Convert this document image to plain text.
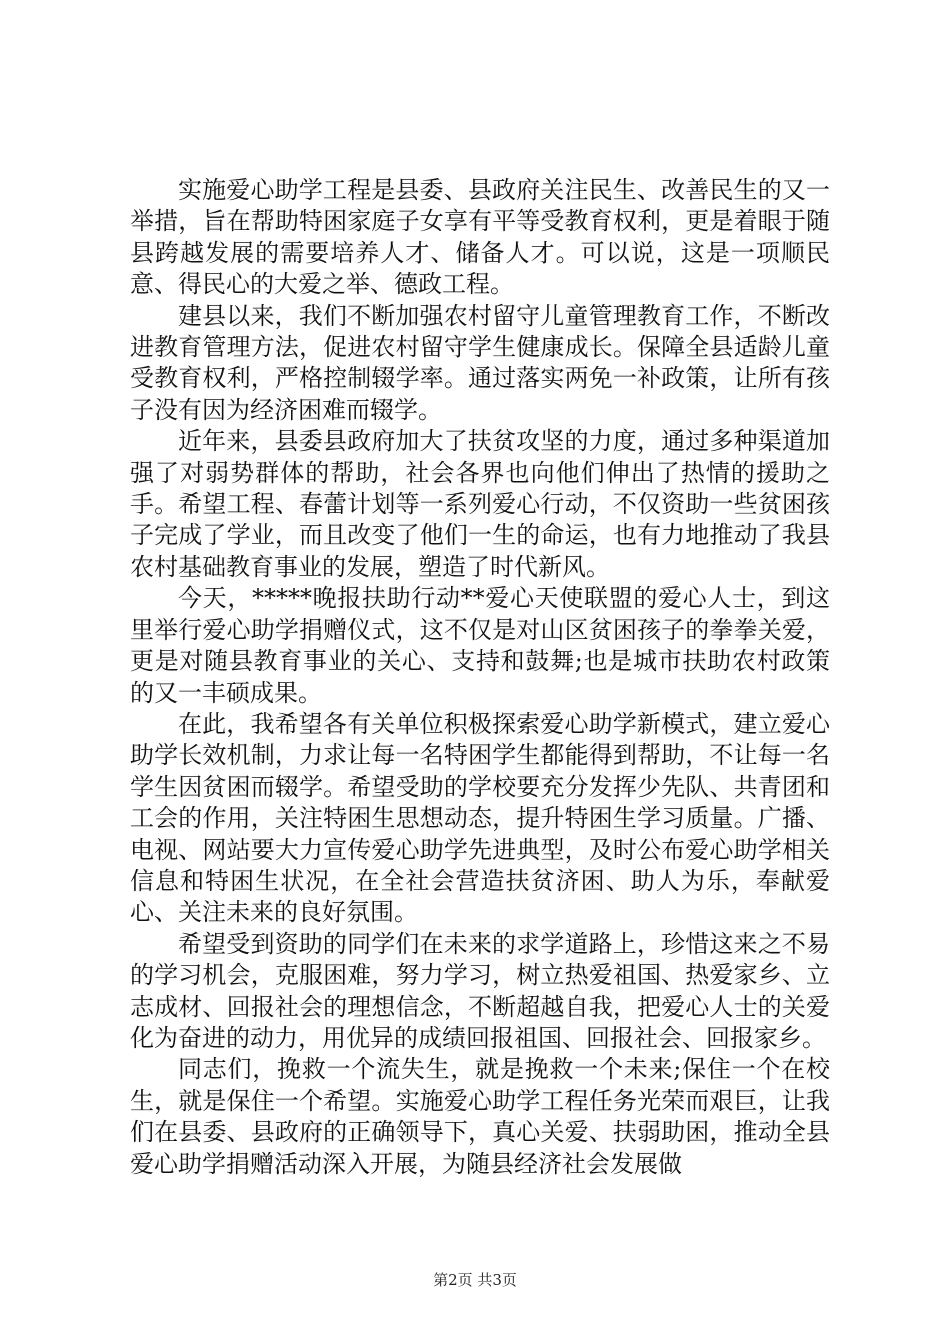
实施爱心助学工程是县委、县政府关注民生、改善民生的又一举措，旨在帮助特困家庭子女享有平等受教育权利，更是着眼于随县跨越发展的需要培养人才、储备人才。可以说，这是一项顺民意、得民心的大爱之举、德政工程。

建县以来，我们不断加强农村留守儿童管理教育工作，不断改进教育管理方法，促进农村留守学生健康成长。保障全县适龄儿童受教育权利，严格控制辍学率。通过落实两免一补政策，让所有孩子没有因为经济困难而辍学。

近年来，县委县政府加大了扶贫攻坚的力度，通过多种渠道加强了对弱势群体的帮助，社会各界也向他们伸出了热情的援助之手。希望工程、春蕾计划等一系列爱心行动，不仅资助一些贫困孩子完成了学业，而且改变了他们一生的命运，也有力地推动了我县农村基础教育事业的发展，塑造了时代新风。

今天，*****晚报扶助行动**爱心天使联盟的爱心人士，到这里举行爱心助学捐赠仪式，这不仅是对山区贫困孩子的拳拳关爱，更是对随县教育事业的关心、支持和鼓舞;也是城市扶助农村政策的又一丰硕成果。

在此，我希望各有关单位积极探索爱心助学新模式，建立爱心助学长效机制，力求让每一名特困学生都能得到帮助，不让每一名学生因贫困而辍学。希望受助的学校要充分发挥少先队、共青团和工会的作用，关注特困生思想动态，提升特困生学习质量。广播、电视、网站要大力宣传爱心助学先进典型，及时公布爱心助学相关信息和特困生状况，在全社会营造扶贫济困、助人为乐，奉献爱心、关注未来的良好氛围。

希望受到资助的同学们在未来的求学道路上，珍惜这来之不易的学习机会，克服困难，努力学习，树立热爱祖国、热爱家乡、立志成材、回报社会的理想信念，不断超越自我，把爱心人士的关爱化为奋进的动力，用优异的成绩回报祖国、回报社会、回报家乡。

同志们，挽救一个流失生，就是挽救一个未来;保住一个在校生，就是保住一个希望。实施爱心助学工程任务光荣而艰巨，让我们在县委、县政府的正确领导下，真心关爱、扶弱助困，推动全县爱心助学捐赠活动深入开展，为随县经济社会发展做

第2页 共3页
